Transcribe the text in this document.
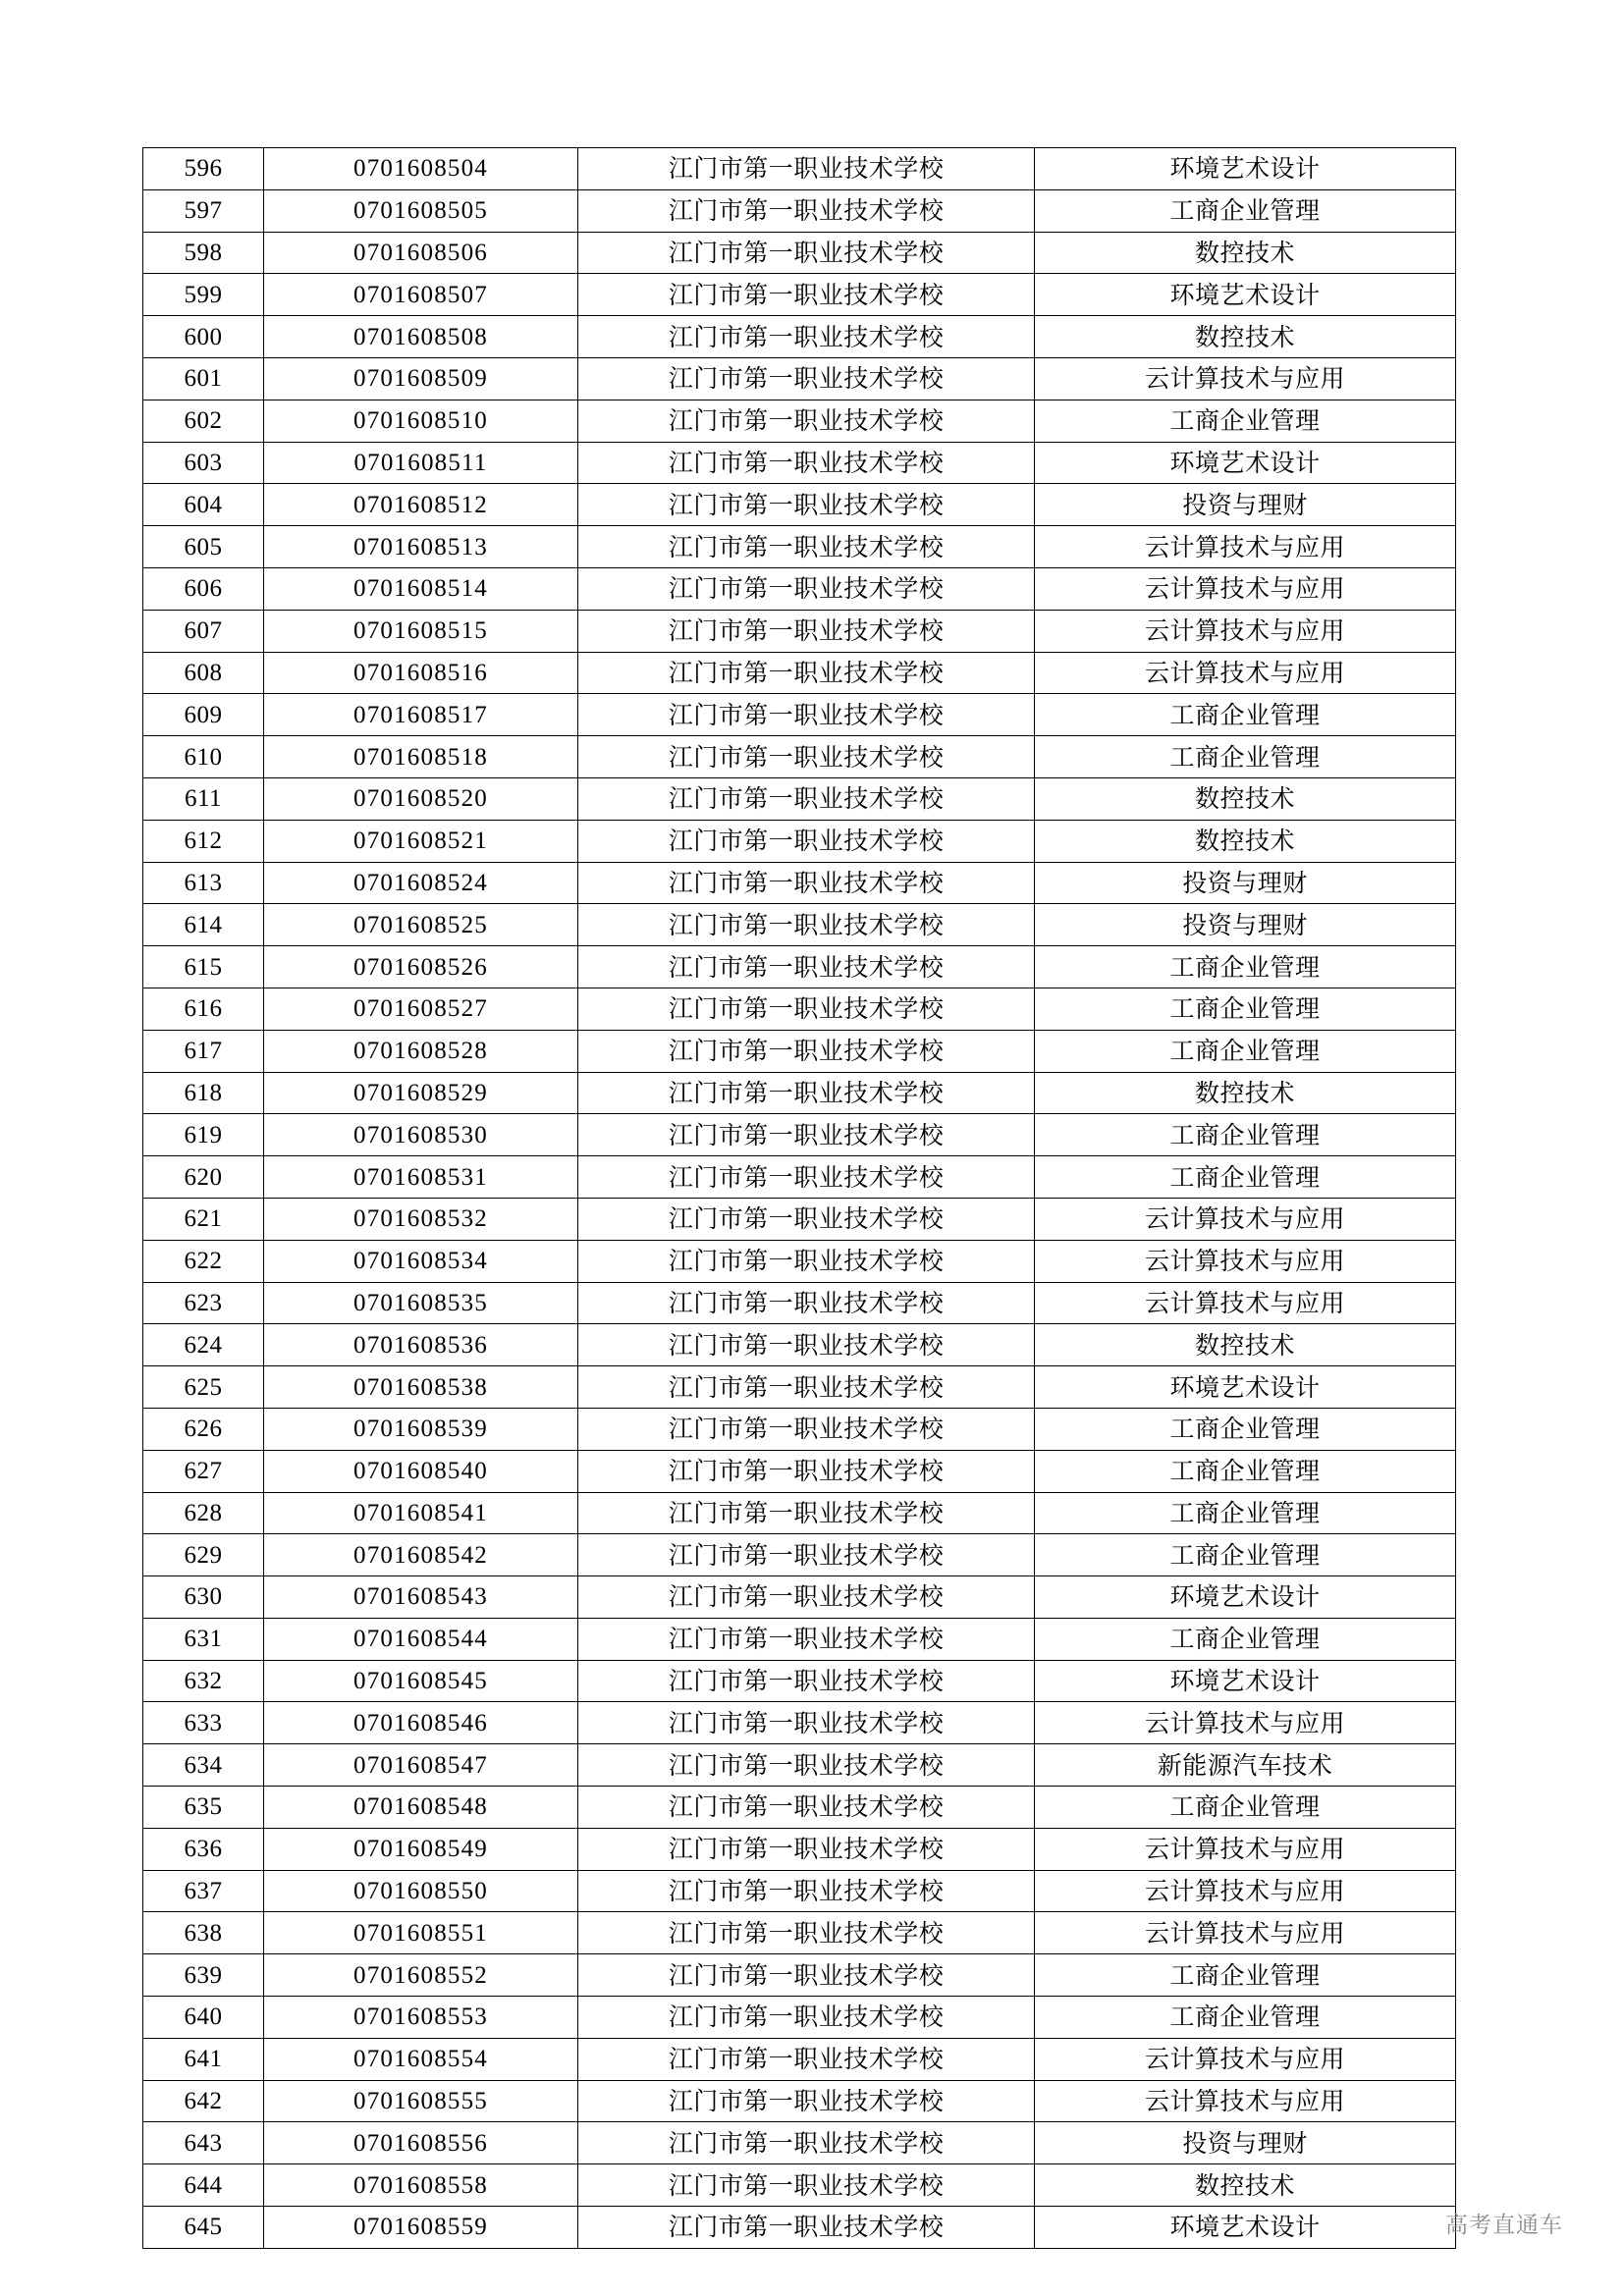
596	0701608504	江门市第一职业技术学校	环境艺术设计
597	0701608505	江门市第一职业技术学校	工商企业管理
598	0701608506	江门市第一职业技术学校	数控技术
599	0701608507	江门市第一职业技术学校	环境艺术设计
600	0701608508	江门市第一职业技术学校	数控技术
601	0701608509	江门市第一职业技术学校	云计算技术与应用
602	0701608510	江门市第一职业技术学校	工商企业管理
603	0701608511	江门市第一职业技术学校	环境艺术设计
604	0701608512	江门市第一职业技术学校	投资与理财
605	0701608513	江门市第一职业技术学校	云计算技术与应用
606	0701608514	江门市第一职业技术学校	云计算技术与应用
607	0701608515	江门市第一职业技术学校	云计算技术与应用
608	0701608516	江门市第一职业技术学校	云计算技术与应用
609	0701608517	江门市第一职业技术学校	工商企业管理
610	0701608518	江门市第一职业技术学校	工商企业管理
611	0701608520	江门市第一职业技术学校	数控技术
612	0701608521	江门市第一职业技术学校	数控技术
613	0701608524	江门市第一职业技术学校	投资与理财
614	0701608525	江门市第一职业技术学校	投资与理财
615	0701608526	江门市第一职业技术学校	工商企业管理
616	0701608527	江门市第一职业技术学校	工商企业管理
617	0701608528	江门市第一职业技术学校	工商企业管理
618	0701608529	江门市第一职业技术学校	数控技术
619	0701608530	江门市第一职业技术学校	工商企业管理
620	0701608531	江门市第一职业技术学校	工商企业管理
621	0701608532	江门市第一职业技术学校	云计算技术与应用
622	0701608534	江门市第一职业技术学校	云计算技术与应用
623	0701608535	江门市第一职业技术学校	云计算技术与应用
624	0701608536	江门市第一职业技术学校	数控技术
625	0701608538	江门市第一职业技术学校	环境艺术设计
626	0701608539	江门市第一职业技术学校	工商企业管理
627	0701608540	江门市第一职业技术学校	工商企业管理
628	0701608541	江门市第一职业技术学校	工商企业管理
629	0701608542	江门市第一职业技术学校	工商企业管理
630	0701608543	江门市第一职业技术学校	环境艺术设计
631	0701608544	江门市第一职业技术学校	工商企业管理
632	0701608545	江门市第一职业技术学校	环境艺术设计
633	0701608546	江门市第一职业技术学校	云计算技术与应用
634	0701608547	江门市第一职业技术学校	新能源汽车技术
635	0701608548	江门市第一职业技术学校	工商企业管理
636	0701608549	江门市第一职业技术学校	云计算技术与应用
637	0701608550	江门市第一职业技术学校	云计算技术与应用
638	0701608551	江门市第一职业技术学校	云计算技术与应用
639	0701608552	江门市第一职业技术学校	工商企业管理
640	0701608553	江门市第一职业技术学校	工商企业管理
641	0701608554	江门市第一职业技术学校	云计算技术与应用
642	0701608555	江门市第一职业技术学校	云计算技术与应用
643	0701608556	江门市第一职业技术学校	投资与理财
644	0701608558	江门市第一职业技术学校	数控技术
645	0701608559	江门市第一职业技术学校	环境艺术设计	高考直通车
